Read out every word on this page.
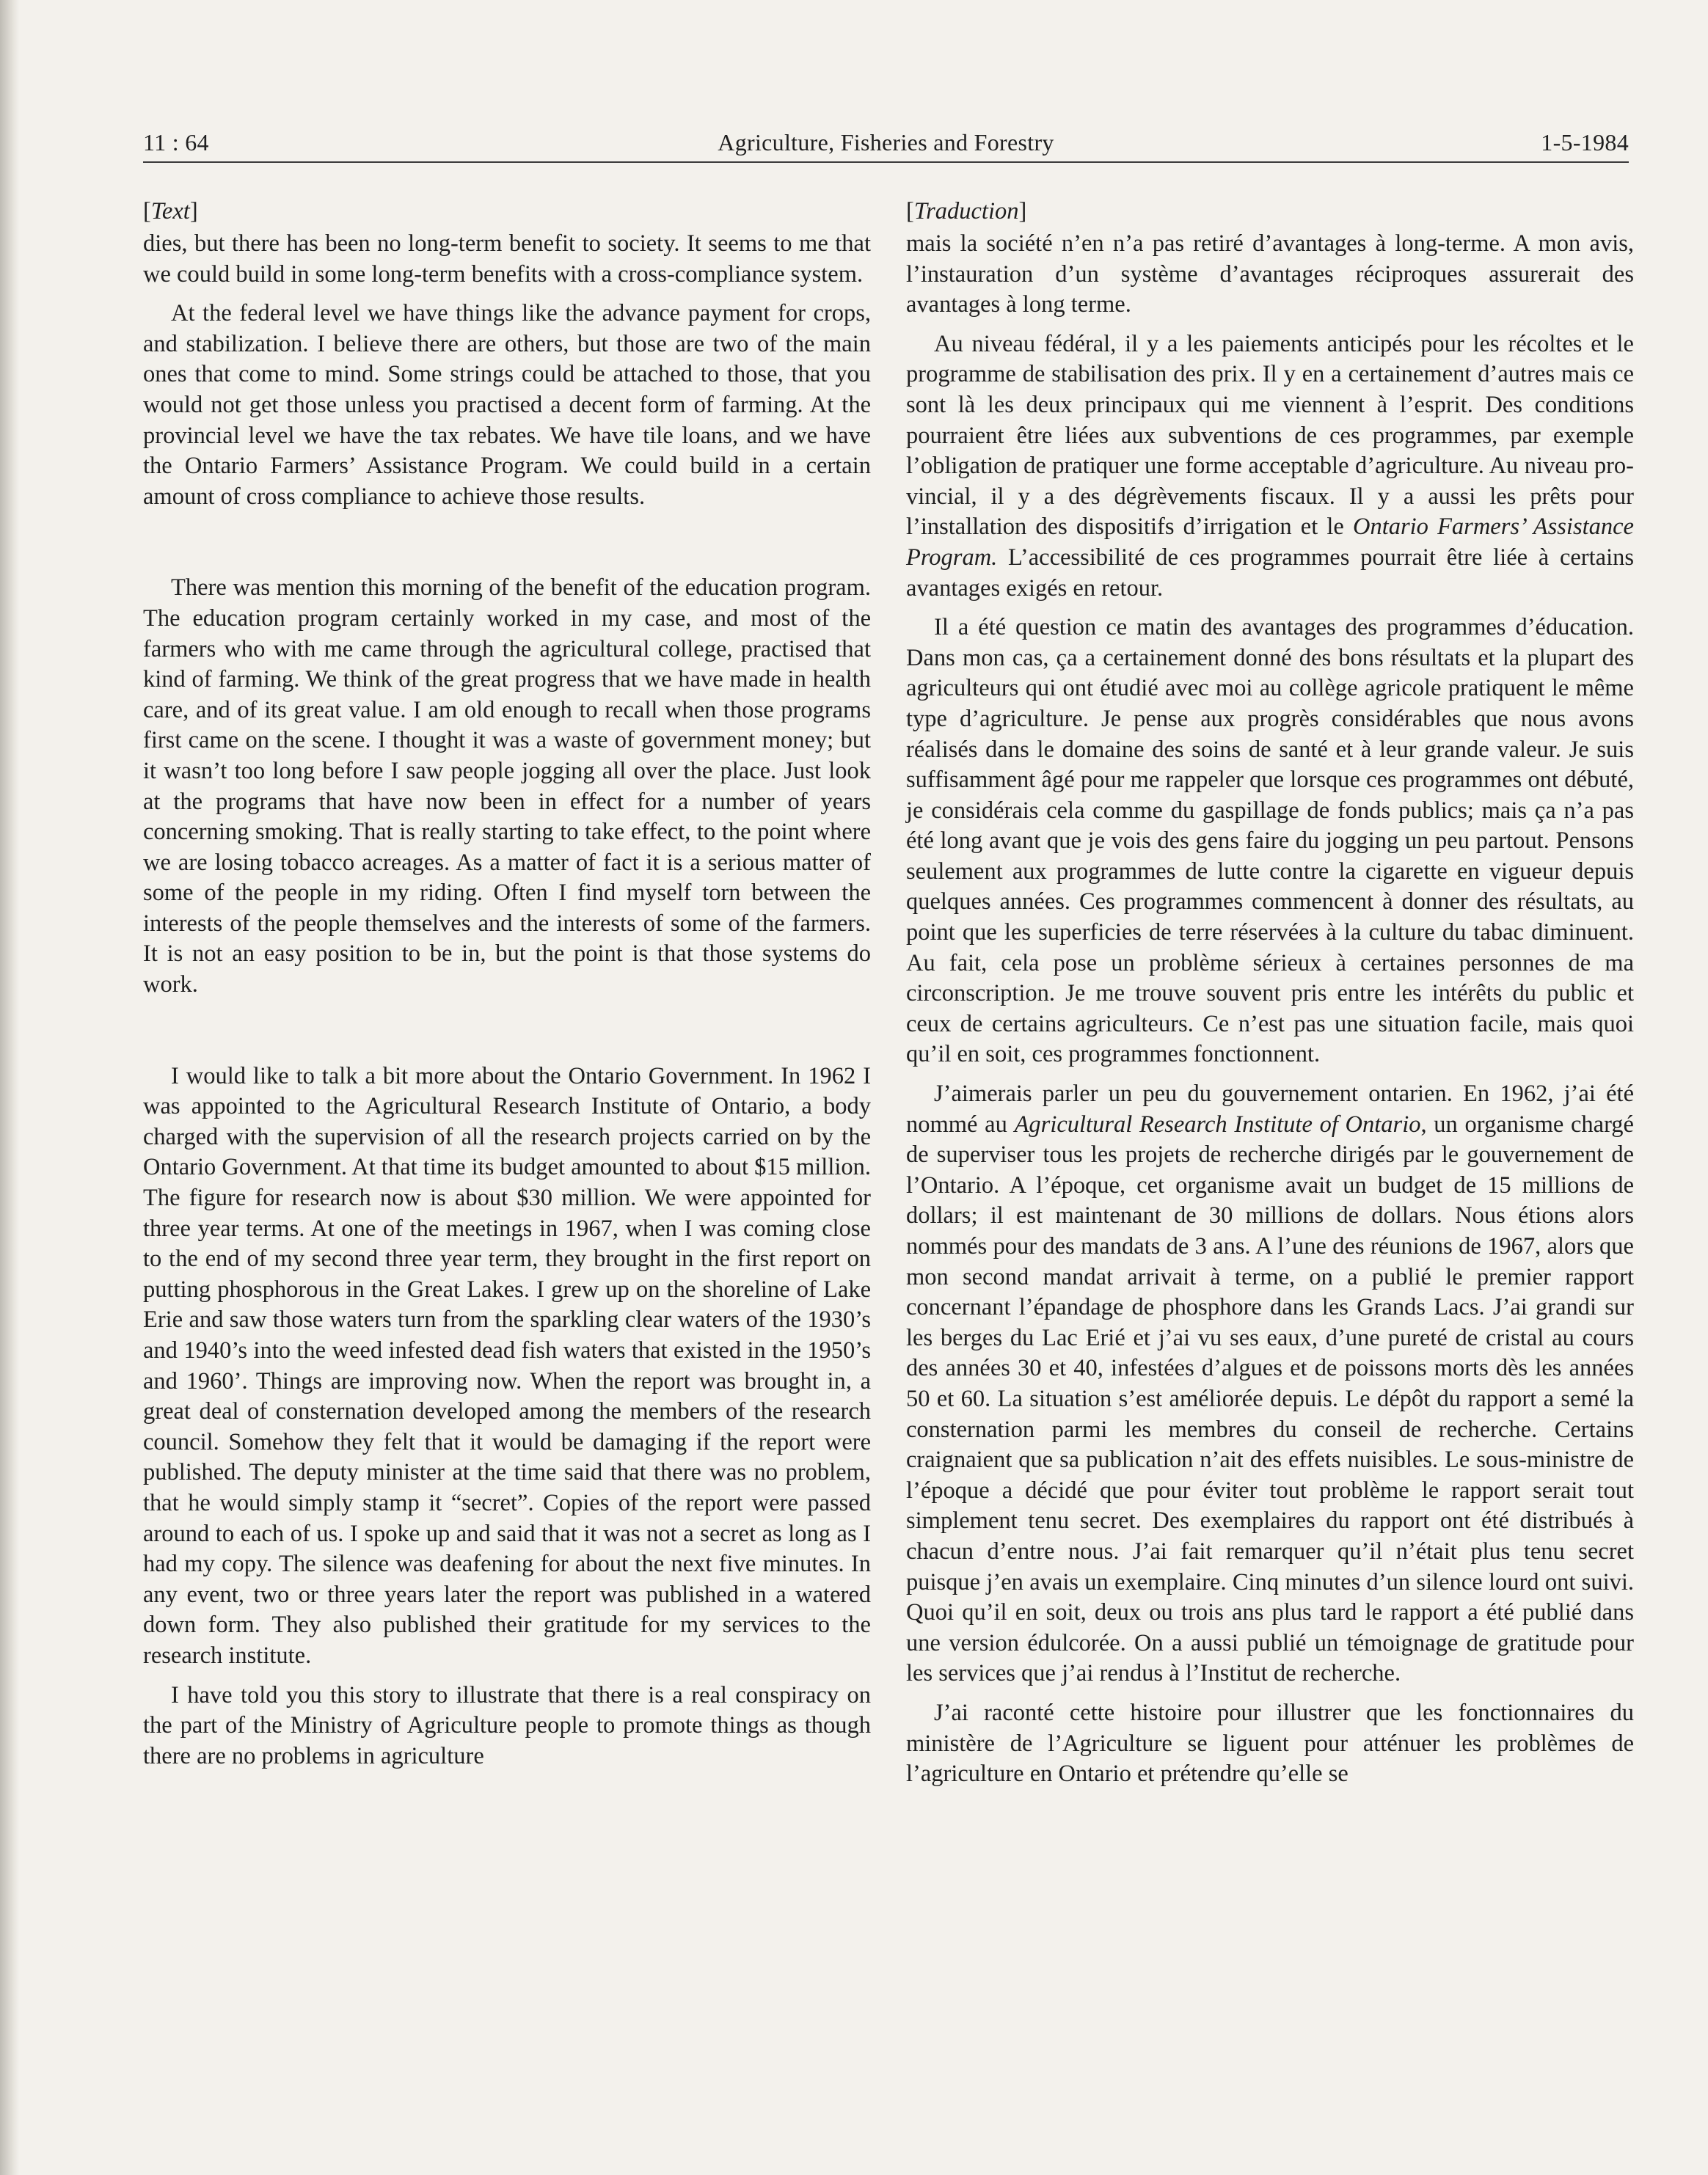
11 : 64	Agriculture, Fisheries and Forestry	1-5-1984
[Text]

dies, but there has been no long-term benefit to society. It seems to me that we could build in some long-term benefits with a cross-compliance system.

At the federal level we have things like the advance payment for crops, and stabilization. I believe there are others, but those are two of the main ones that come to mind. Some strings could be attached to those, that you would not get those unless you practised a decent form of farming. At the provincial level we have the tax rebates. We have tile loans, and we have the Ontario Farmers’ Assistance Program. We could build in a certain amount of cross compliance to achieve those results.

There was mention this morning of the benefit of the education program. The education program certainly worked in my case, and most of the farmers who with me came through the agricultural college, practised that kind of farming. We think of the great progress that we have made in health care, and of its great value. I am old enough to recall when those programs first came on the scene. I thought it was a waste of government money; but it wasn’t too long before I saw people jogging all over the place. Just look at the programs that have now been in effect for a number of years concerning smoking. That is really starting to take effect, to the point where we are losing tobacco acreages. As a matter of fact it is a serious matter of some of the people in my riding. Often I find myself torn between the interests of the people themselves and the interests of some of the farmers. It is not an easy position to be in, but the point is that those systems do work.

I would like to talk a bit more about the Ontario Government. In 1962 I was appointed to the Agricultural Research Institute of Ontario, a body charged with the supervision of all the research projects carried on by the Ontario Government. At that time its budget amounted to about $15 million. The figure for research now is about $30 million. We were appointed for three year terms. At one of the meetings in 1967, when I was coming close to the end of my second three year term, they brought in the first report on putting phosphorous in the Great Lakes. I grew up on the shoreline of Lake Erie and saw those waters turn from the sparkling clear waters of the 1930’s and 1940’s into the weed infested dead fish waters that existed in the 1950’s and 1960’. Things are improving now. When the report was brought in, a great deal of consternation developed among the members of the research council. Somehow they felt that it would be damaging if the report were published. The deputy minister at the time said that there was no problem, that he would simply stamp it “secret”. Copies of the report were passed around to each of us. I spoke up and said that it was not a secret as long as I had my copy. The silence was deafening for about the next five minutes. In any event, two or three years later the report was published in a watered down form. They also published their gratitude for my services to the research institute.

I have told you this story to illustrate that there is a real conspiracy on the part of the Ministry of Agriculture people to promote things as though there are no problems in agriculture

[Traduction]

mais la société n’en n’a pas retiré d’avantages à long-terme. A mon avis, l’instauration d’un système d’avantages réciproques assurerait des avantages à long terme.

Au niveau fédéral, il y a les paiements anticipés pour les récoltes et le programme de stabilisation des prix. Il y en a certainement d’autres mais ce sont là les deux principaux qui me viennent à l’esprit. Des conditions pourraient être liées aux subventions de ces programmes, par exemple l’obligation de pratiquer une forme acceptable d’agriculture. Au niveau provincial, il y a des dégrèvements fiscaux. Il y a aussi les prêts pour l’installation des dispositifs d’irrigation et le Ontario Farmers’ Assistance Program. L’accessibilité de ces programmes pourrait être liée à certains avantages exigés en retour.

Il a été question ce matin des avantages des programmes d’éducation. Dans mon cas, ça a certainement donné des bons résultats et la plupart des agriculteurs qui ont étudié avec moi au collège agricole pratiquent le même type d’agriculture. Je pense aux progrès considérables que nous avons réalisés dans le domaine des soins de santé et à leur grande valeur. Je suis suffisamment âgé pour me rappeler que lorsque ces programmes ont débuté, je considérais cela comme du gaspillage de fonds publics; mais ça n’a pas été long avant que je vois des gens faire du jogging un peu partout. Pensons seulement aux programmes de lutte contre la cigarette en vigueur depuis quelques années. Ces programmes commencent à donner des résultats, au point que les superficies de terre réservées à la culture du tabac diminuent. Au fait, cela pose un problème sérieux à certaines personnes de ma circonscription. Je me trouve souvent pris entre les intérêts du public et ceux de certains agriculteurs. Ce n’est pas une situation facile, mais quoi qu’il en soit, ces programmes fonctionnent.

J’aimerais parler un peu du gouvernement ontarien. En 1962, j’ai été nommé au Agricultural Research Institute of Ontario, un organisme chargé de superviser tous les projets de recherche dirigés par le gouvernement de l’Ontario. A l’époque, cet organisme avait un budget de 15 millions de dollars; il est maintenant de 30 millions de dollars. Nous étions alors nommés pour des mandats de 3 ans. A l’une des réunions de 1967, alors que mon second mandat arrivait à terme, on a publié le premier rapport concernant l’épandage de phosphore dans les Grands Lacs. J’ai grandi sur les berges du Lac Erié et j’ai vu ses eaux, d’une pureté de cristal au cours des années 30 et 40, infestées d’algues et de poissons morts dès les années 50 et 60. La situation s’est améliorée depuis. Le dépôt du rapport a semé la consternation parmi les membres du conseil de recherche. Certains craignaient que sa publication n’ait des effets nuisibles. Le sous-ministre de l’époque a décidé que pour éviter tout problème le rapport serait tout simplement tenu secret. Des exemplaires du rapport ont été distribués à chacun d’entre nous. J’ai fait remarquer qu’il n’était plus tenu secret puisque j’en avais un exemplaire. Cinq minutes d’un silence lourd ont suivi. Quoi qu’il en soit, deux ou trois ans plus tard le rapport a été publié dans une version édulcorée. On a aussi publié un témoignage de gratitude pour les services que j’ai rendus à l’Institut de recherche.

J’ai raconté cette histoire pour illustrer que les fonctionnaires du ministère de l’Agriculture se liguent pour atténuer les problèmes de l’agriculture en Ontario et prétendre qu’elle se
